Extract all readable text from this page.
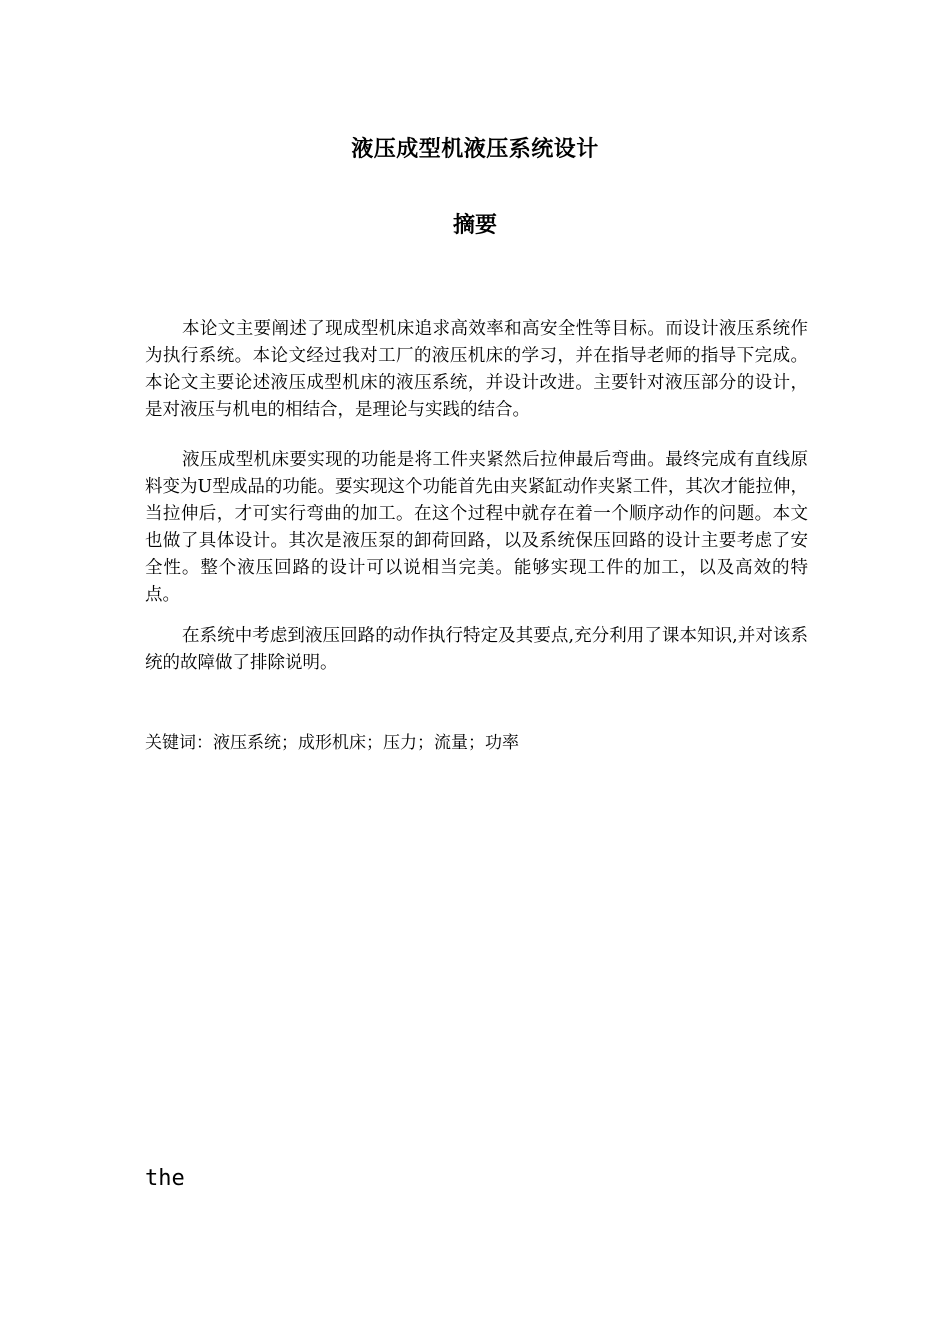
液压成型机液压系统设计
摘要

本论文主要阐述了现成型机床追求高效率和高安全性等目标。而设计液压系统作为执行系统。本论文经过我对工厂的液压机床的学习，并在指导老师的指导下完成。本论文主要论述液压成型机床的液压系统，并设计改进。主要针对液压部分的设计，是对液压与机电的相结合，是理论与实践的结合。

液压成型机床要实现的功能是将工件夹紧然后拉伸最后弯曲。最终完成有直线原料变为U型成品的功能。要实现这个功能首先由夹紧缸动作夹紧工件，其次才能拉伸，当拉伸后，才可实行弯曲的加工。在这个过程中就存在着一个顺序动作的问题。本文也做了具体设计。其次是液压泵的卸荷回路，以及系统保压回路的设计主要考虑了安全性。整个液压回路的设计可以说相当完美。能够实现工件的加工，以及高效的特点。

在系统中考虑到液压回路的动作执行特定及其要点,充分利用了课本知识,并对该系统的故障做了排除说明。

关键词：液压系统；成形机床；压力；流量；功率
the
